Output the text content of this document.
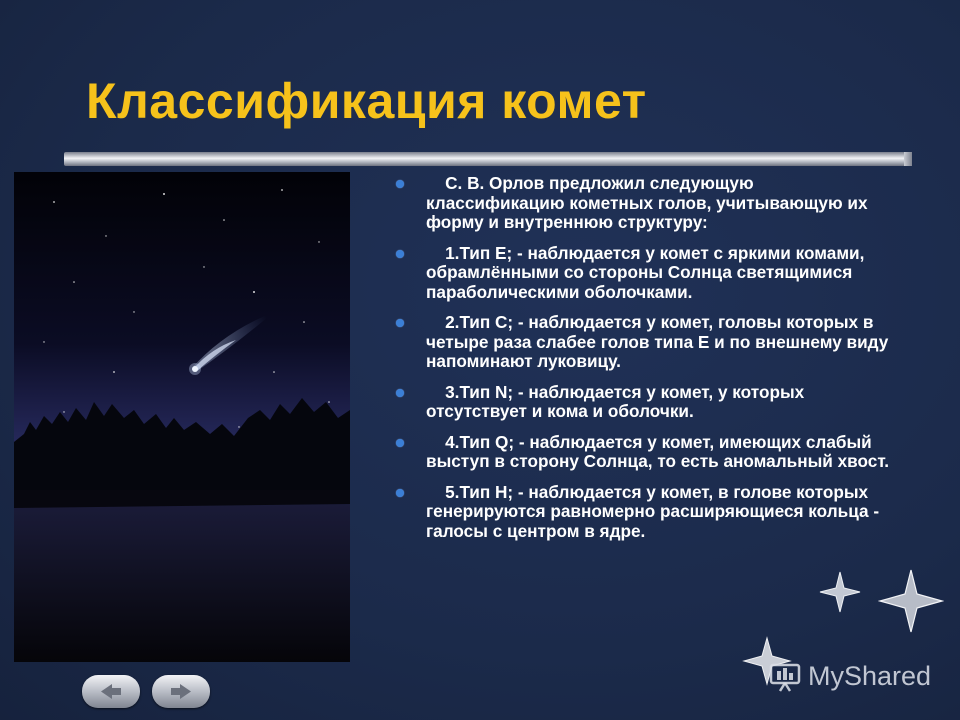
Классификация комет
С. В. Орлов предложил следующую классификацию кометных голов, учитывающую их форму и внутреннюю структуру:
1.Тип E; - наблюдается у комет с яркими комами, обрамлёнными со стороны Солнца светящимися параболическими оболочками.
2.Тип С; - наблюдается у комет, головы которых в четыре раза слабее голов типа E и по внешнему виду напоминают луковицу.
3.Тип N; - наблюдается у комет, у которых отсутствует и кома и оболочки.
4.Тип Q; - наблюдается у комет, имеющих слабый выступ в сторону Солнца, то есть аномальный хвост.
5.Тип H; - наблюдается у комет, в голове которых генерируются равномерно расширяющиеся кольца - галосы с центром в ядре.
MyShared
